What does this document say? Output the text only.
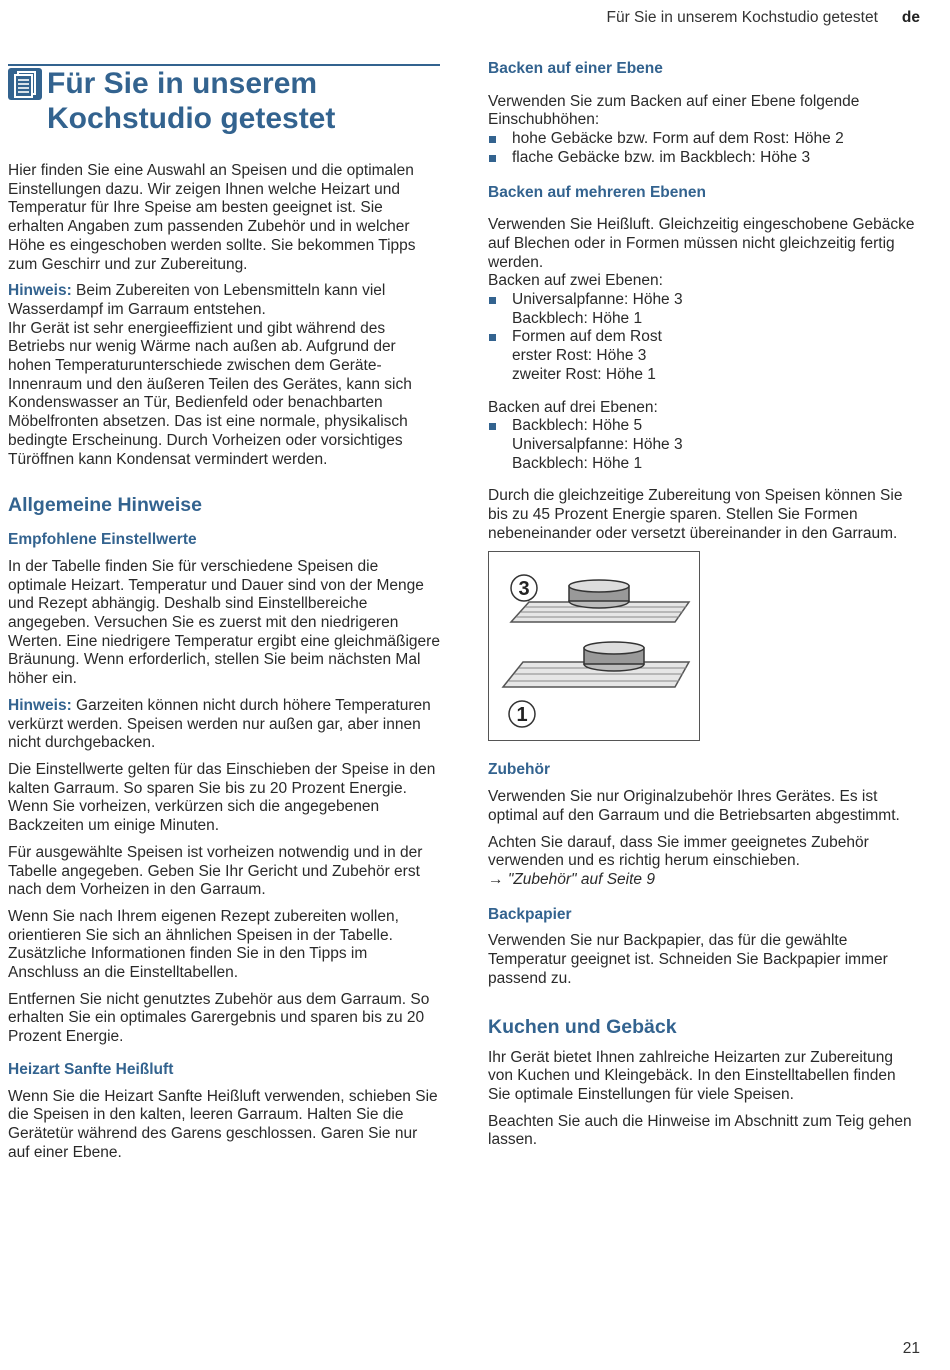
Für Sie in unserem Kochstudio getestet de
Für Sie in unserem
Kochstudio getestet

Hier finden Sie eine Auswahl an Speisen und die optimalen Einstellungen dazu. Wir zeigen Ihnen welche Heizart und Temperatur für Ihre Speise am besten geeignet ist. Sie erhalten Angaben zum passenden Zubehör und in welcher Höhe es eingeschoben werden sollte. Sie bekommen Tipps zum Geschirr und zur Zubereitung.

Hinweis: Beim Zubereiten von Lebensmitteln kann viel Wasserdampf im Garraum entstehen.
Ihr Gerät ist sehr energieeffizient und gibt während des Betriebs nur wenig Wärme nach außen ab. Aufgrund der hohen Temperaturunterschiede zwischen dem Geräte-Innenraum und den äußeren Teilen des Gerätes, kann sich Kondenswasser an Tür, Bedienfeld oder benachbarten Möbelfronten absetzen. Das ist eine normale, physikalisch bedingte Erscheinung. Durch Vorheizen oder vorsichtiges Türöffnen kann Kondensat vermindert werden.

Allgemeine Hinweise
Empfohlene Einstellwerte

In der Tabelle finden Sie für verschiedene Speisen die optimale Heizart. Temperatur und Dauer sind von der Menge und Rezept abhängig. Deshalb sind Einstellbereiche angegeben. Versuchen Sie es zuerst mit den niedrigeren Werten. Eine niedrigere Temperatur ergibt eine gleichmäßigere Bräunung. Wenn erforderlich, stellen Sie beim nächsten Mal höher ein.

Hinweis: Garzeiten können nicht durch höhere Temperaturen verkürzt werden. Speisen werden nur außen gar, aber innen nicht durchgebacken.

Die Einstellwerte gelten für das Einschieben der Speise in den kalten Garraum. So sparen Sie bis zu 20 Prozent Energie. Wenn Sie vorheizen, verkürzen sich die angegebenen Backzeiten um einige Minuten.

Für ausgewählte Speisen ist vorheizen notwendig und in der Tabelle angegeben. Geben Sie Ihr Gericht und Zubehör erst nach dem Vorheizen in den Garraum.

Wenn Sie nach Ihrem eigenen Rezept zubereiten wollen, orientieren Sie sich an ähnlichen Speisen in der Tabelle. Zusätzliche Informationen finden Sie in den Tipps im Anschluss an die Einstelltabellen.

Entfernen Sie nicht genutztes Zubehör aus dem Garraum. So erhalten Sie ein optimales Garergebnis und sparen bis zu 20 Prozent Energie.

Heizart Sanfte Heißluft

Wenn Sie die Heizart Sanfte Heißluft verwenden, schieben Sie die Speisen in den kalten, leeren Garraum. Halten Sie die Gerätetür während des Garens geschlossen. Garen Sie nur auf einer Ebene.

Backen auf einer Ebene

Verwenden Sie zum Backen auf einer Ebene folgende Einschubhöhen:

hohe Gebäcke bzw. Form auf dem Rost: Höhe 2
flache Gebäcke bzw. im Backblech: Höhe 3
Backen auf mehreren Ebenen

Verwenden Sie Heißluft. Gleichzeitig eingeschobene Gebäcke auf Blechen oder in Formen müssen nicht gleichzeitig fertig werden.

Backen auf zwei Ebenen:
Universalpfanne: Höhe 3
Backblech: Höhe 1
Formen auf dem Rost
erster Rost: Höhe 3
zweiter Rost: Höhe 1
Backen auf drei Ebenen:
Backblech: Höhe 5
Universalpfanne: Höhe 3
Backblech: Höhe 1

Durch die gleichzeitige Zubereitung von Speisen können Sie bis zu 45 Prozent Energie sparen. Stellen Sie Formen nebeneinander oder versetzt übereinander in den Garraum.

3
1
Zubehör

Verwenden Sie nur Originalzubehör Ihres Gerätes. Es ist optimal auf den Garraum und die Betriebsarten abgestimmt.

Achten Sie darauf, dass Sie immer geeignetes Zubehör verwenden und es richtig herum einschieben.

→ "Zubehör" auf Seite 9

Backpapier

Verwenden Sie nur Backpapier, das für die gewählte Temperatur geeignet ist. Schneiden Sie Backpapier immer passend zu.

Kuchen und Gebäck

Ihr Gerät bietet Ihnen zahlreiche Heizarten zur Zubereitung von Kuchen und Kleingebäck. In den Einstelltabellen finden Sie optimale Einstellungen für viele Speisen.

Beachten Sie auch die Hinweise im Abschnitt zum Teig gehen lassen.

21
